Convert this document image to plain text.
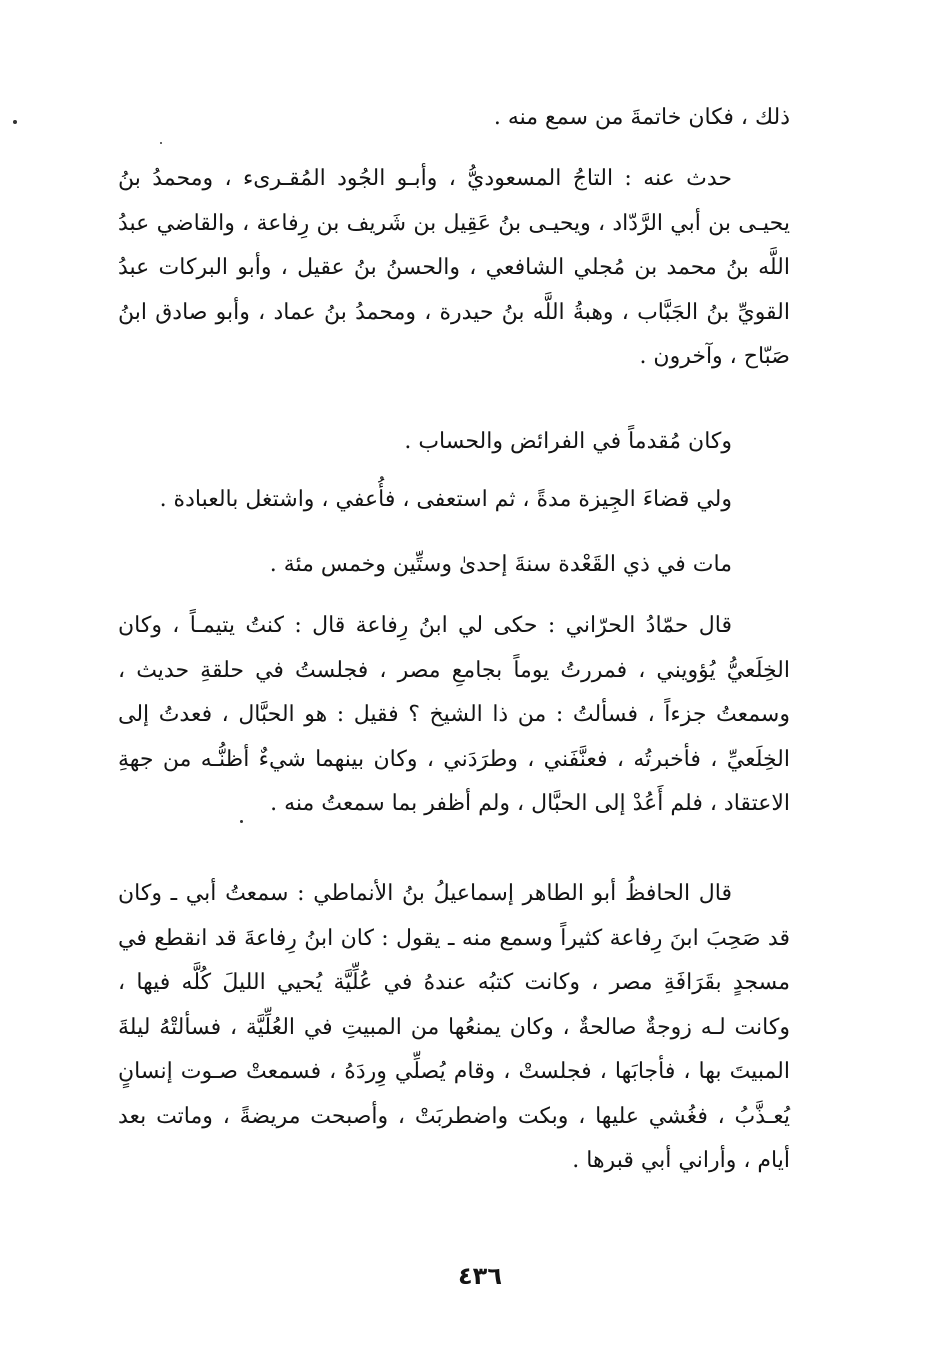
ذلك ، فكان خاتمةَ من سمع منه .

حدث عنه : التاجُ المسعوديُّ ، وأبـو الجُود المُقـرىء ، ومحمدُ بنُ يحيـى بن أبي الرَّدّاد ، ويحيـى بنُ عَقِيل بن شَريف بن رِفاعة ، والقاضي عبدُ اللَّه بنُ محمد بن مُجلي الشافعي ، والحسنُ بنُ عقيل ، وأبو البركات عبدُ القويِّ بنُ الجَبَّاب ، وهبةُ اللَّه بنُ حيدرة ، ومحمدُ بنُ عماد ، وأبو صادق ابنُ صَبّاح ، وآخرون .

وكان مُقدماً في الفرائض والحساب .

ولي قضاءَ الجِيزة مدةً ، ثم استعفى ، فأُعفي ، واشتغل بالعبادة .

مات في ذي القَعْدة سنةَ إحدىٰ وستِّين وخمس مئة .

قال حمّادُ الحرّاني : حكى لي ابنُ رِفاعة قال : كنتُ يتيمـاً ، وكان الخِلَعيُّ يُؤويني ، فمررتُ يوماً بجامعِ مصر ، فجلستُ في حلقةِ حديث ، وسمعتُ جزءاً ، فسألتُ : من ذا الشيخ ؟ فقيل : هو الحبَّال ، فعدتُ إلى الخِلَعيِّ ، فأخبرتُه ، فعنَّفَني ، وطرَدَني ، وكان بينهما شيءٌ أظنُّـه من جهةِ الاعتقاد ، فلم أَعُدْ إلى الحبَّال ، ولم أظفر بما سمعتُ منه .

قال الحافظُ أبو الطاهر إسماعيلُ بنُ الأنماطي : سمعتُ أبي ـ وكان قد صَحِبَ ابنَ رِفاعة كثيراً وسمع منه ـ يقول : كان ابنُ رِفاعةَ قد انقطع في مسجدٍ بقَرَافَةِ مصر ، وكانت كتبُه عندهُ في عُلِّيَّة يُحيي الليلَ كُلَّه فيها ، وكانت لـه زوجةٌ صالحةٌ ، وكان يمنعُها من المبيتِ في العُلِّيَّة ، فسألتْهُ ليلةَ المبيتَ بها ، فأجابَها ، فجلستْ ، وقام يُصلِّي وِردَهُ ، فسمعتْ صـوت إنسانٍ يُعـذَّبُ ، فغُشي عليها ، وبكت واضطربَتْ ، وأصبحت مريضةً ، وماتت بعد أيام ، وأراني أبي قبرها .

٤٣٦
